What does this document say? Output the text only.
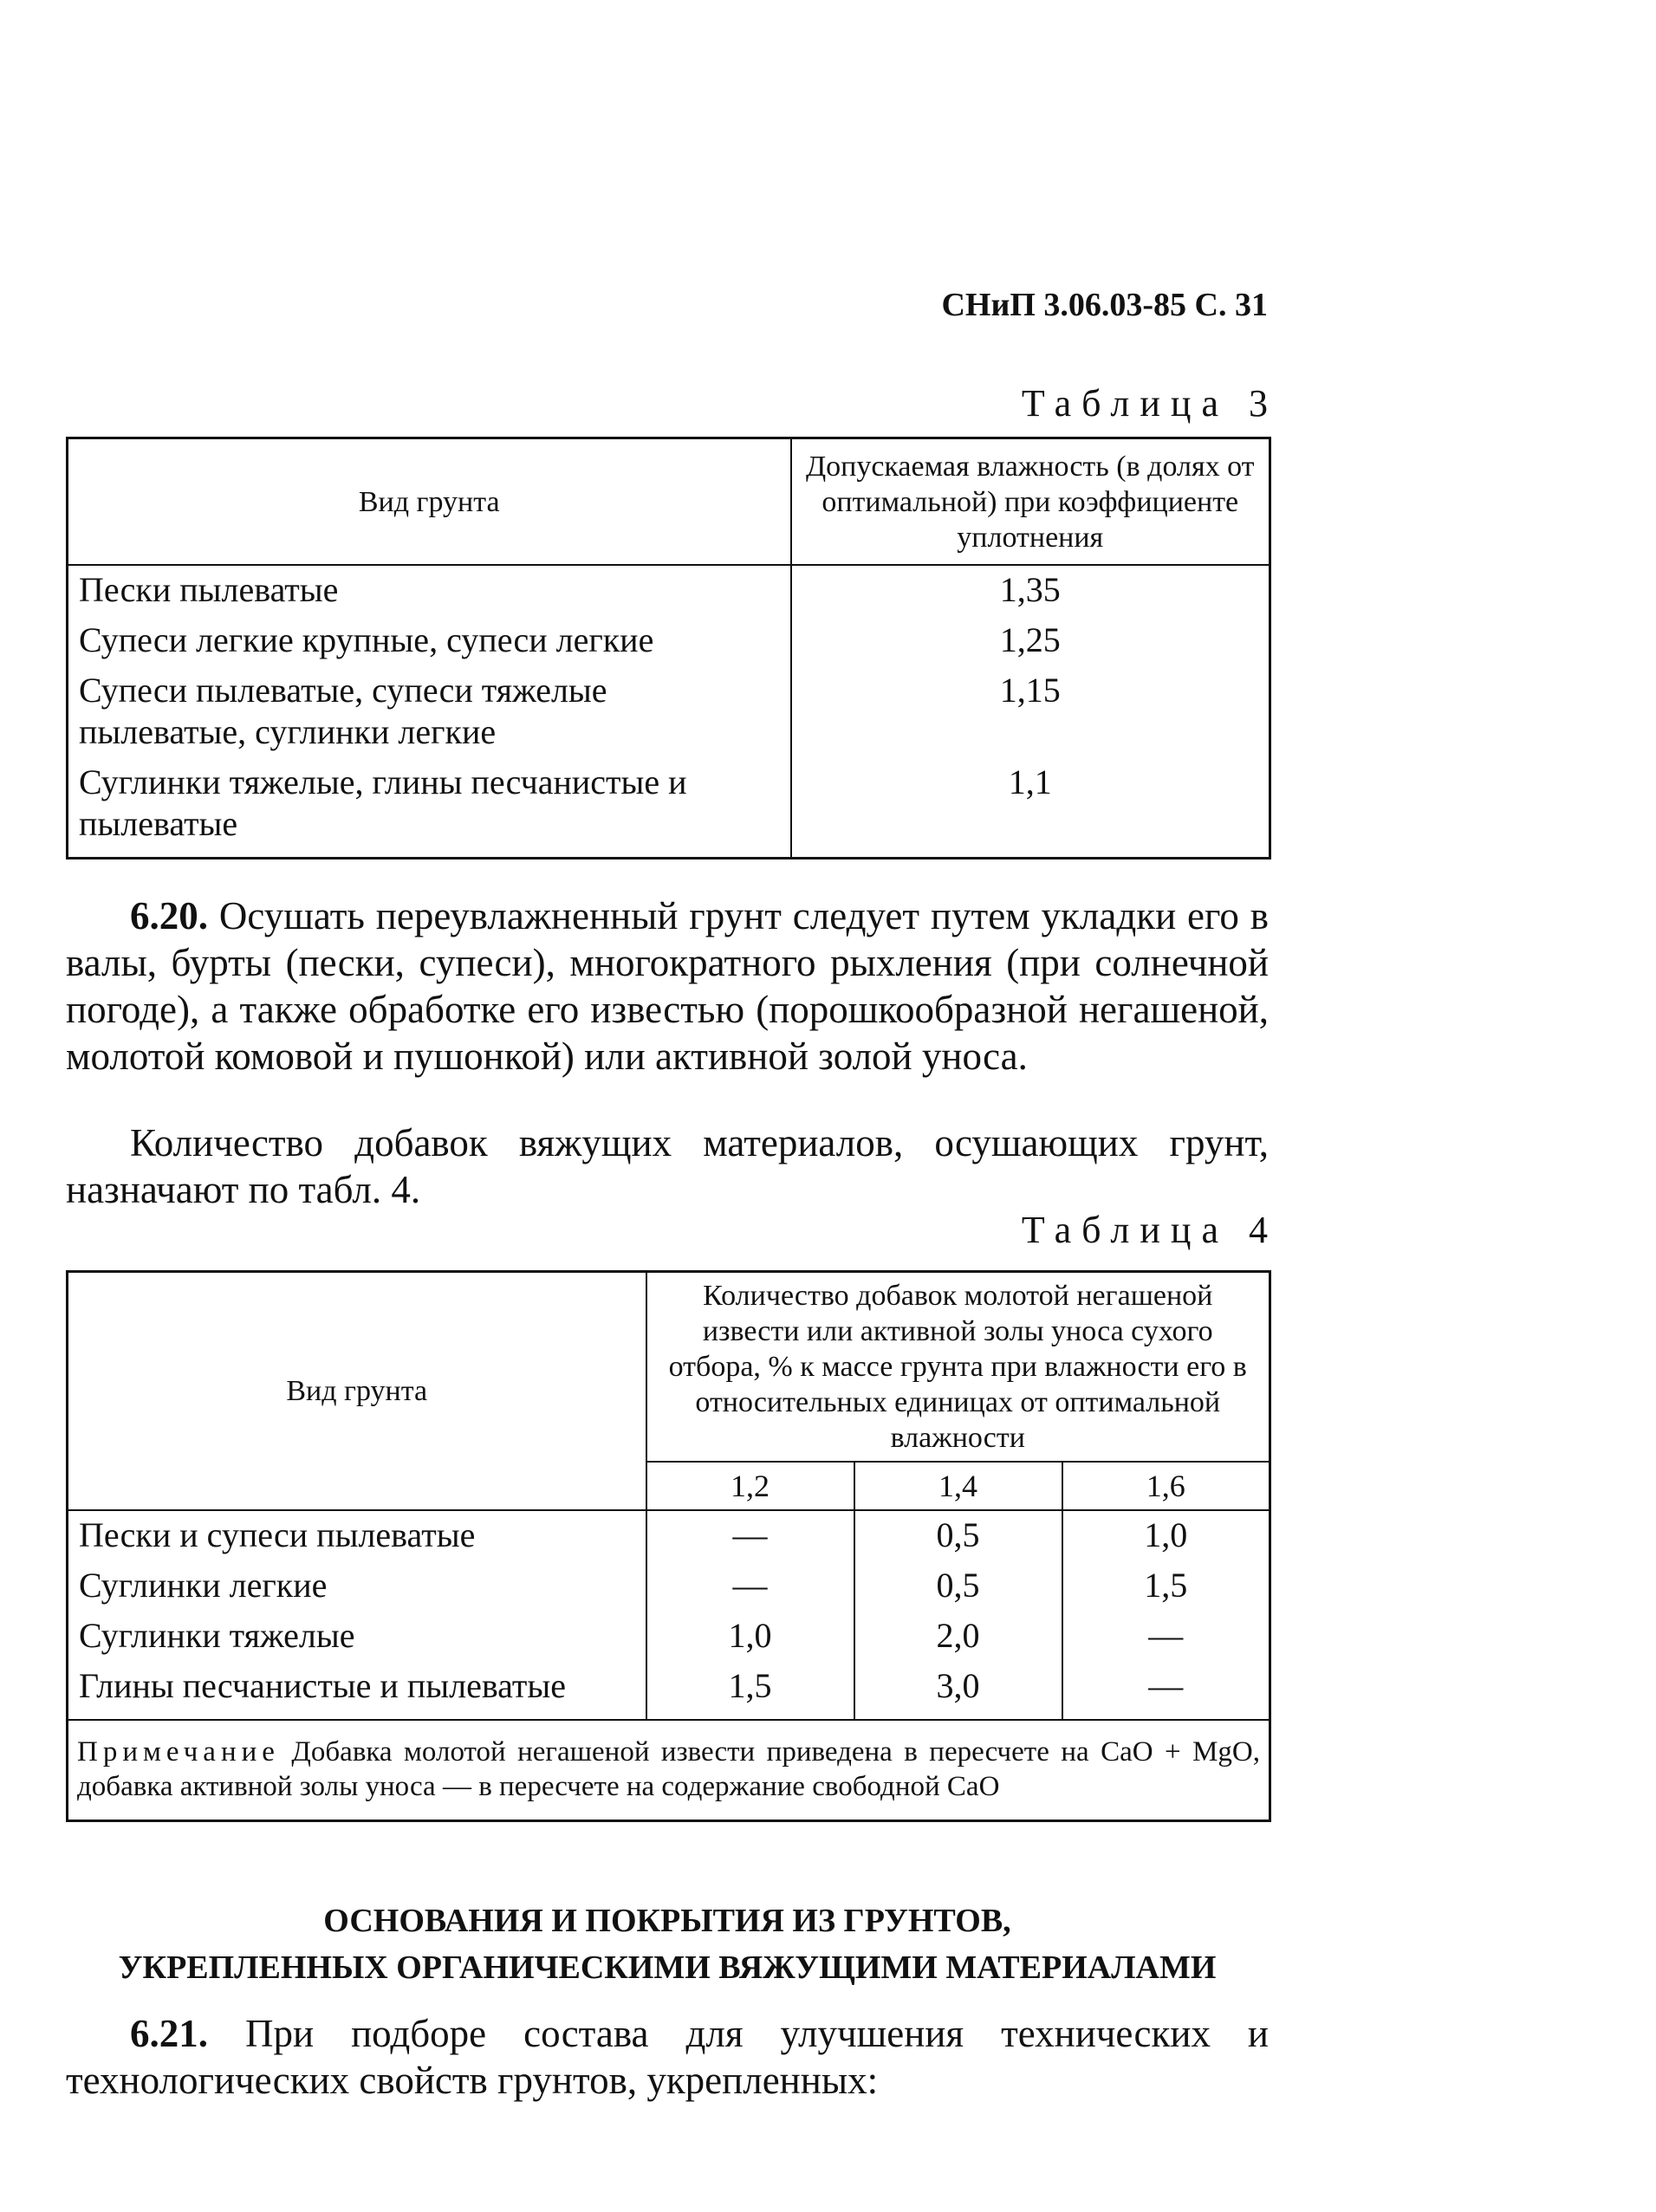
СНиП 3.06.03-85 С. 31
Таблица 3
Вид грунта	Допускаемая влажность (в долях от оптимальной) при коэффициенте уплотнения
Пески пылеватые	1,35
Супеси легкие крупные, супеси легкие	1,25
Супеси пылеватые, супеси тяжелые пылеватые, суглинки легкие	1,15
Суглинки тяжелые, глины песчанистые и пылеватые	1,1
6.20. Осушать переувлажненный грунт следует путем укладки его в валы, бурты (пески, супеси), многократного рыхления (при солнечной погоде), а также обработке его известью (порошкообразной негашеной, молотой комовой и пушонкой) или активной золой уноса.
Количество добавок вяжущих материалов, осушающих грунт, назначают по табл. 4.
Таблица 4
Вид грунта	Количество добавок молотой негашеной извести или активной золы уноса сухого отбора, % к массе грунта при влажности его в относительных единицах от оптимальной влажности		
	1,2	1,4	1,6
Пески и супеси пылеватые	—	0,5	1,0
Суглинки легкие	—	0,5	1,5
Суглинки тяжелые	1,0	2,0	—
Глины песчанистые и пылеватые	1,5	3,0	—
Примечание Добавка молотой негашеной извести приведена в пересчете на CaO + MgO, добавка активной золы уноса — в пересчете на содержание свободной CaO			
ОСНОВАНИЯ И ПОКРЫТИЯ ИЗ ГРУНТОВ,
УКРЕПЛЕННЫХ ОРГАНИЧЕСКИМИ ВЯЖУЩИМИ МАТЕРИАЛАМИ
6.21. При подборе состава для улучшения технических и технологических свойств грунтов, укрепленных:
